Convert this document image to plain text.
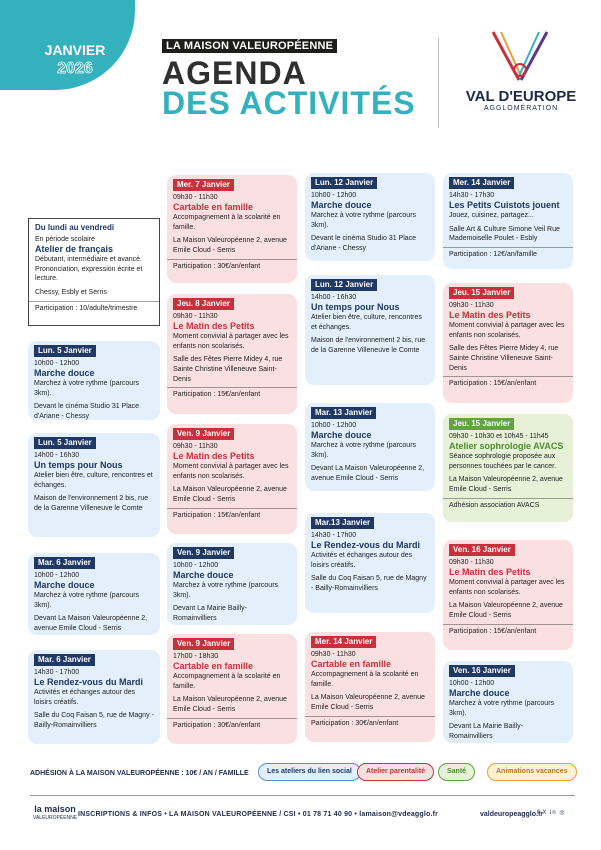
JANVIER
2026
LA MAISON VALEUROPÉENNE
AGENDA
DES ACTIVITÉS	VAL D'EUROPE
AGGLOMÉRATION
Mer. 7 Janvier
09h30 - 11h30
Cartable en famille
Accompagnement à la scolarité en famille.
La Maison Valeuropéenne 2, avenue Emile Cloud - Serris
Participation : 30€/an/enfant
Jeu. 8 Janvier
09h30 - 11h30
Le Matin des Petits
Moment convivial à partager avec les enfants non scolarisés.
Salle des Fêtes Pierre Midey 4, rue Sainte Christine Villeneuve Saint-Denis
Participation : 15€/an/enfant
Ven. 9 Janvier
09h30 - 11h30
Le Matin des Petits
Moment convivial à partager avec les enfants non scolarisés.
La Maison Valeuropéenne 2, avenue Emile Cloud - Serris
Participation : 15€/an/enfant
Ven. 9 Janvier
10h00 - 12h00
Marche douce
Marchez à votre rythme (parcours 3km).
Devant La Mairie Bailly- Romainvilliers
Ven. 9 Janvier
17h00 - 18h30
Cartable en famille
Accompagnement à la scolarité en famille.
La Maison Valeuropéenne 2, avenue Emile Cloud - Serris
Participation : 30€/an/enfant
Du lundi au vendredi
En période scolaire
Atelier de français
Débutant, intermédiaire et avancé. Prononciation, expression écrite et lecture.
Chessy, Esbly et Serris
Participation : 10/adulte/trimestre
Lun. 5 Janvier
10h00 - 12h00
Marche douce
Marchez à votre rythme (parcours 3km).
Devant le cinéma Studio 31 Place d'Ariane - Chessy
Lun. 5 Janvier
14h00 - 16h30
Un temps pour Nous
Atelier bien être, culture, rencontres et échanges.
Maison de l'environnement 2 bis, rue de la Garenne Villeneuve le Comte
Mar. 6 Janvier
10h00 - 12h00
Marche douce
Marchez à votre rythme (parcours 3km).
Devant La Maison Valeuropéenne 2, avenue Emile Cloud - Serris
Mar. 6 Janvier
14h30 - 17h00
Le Rendez-vous du Mardi
Activités et échanges autour des loisirs créatifs.
Salle du Coq Faisan 5, rue de Magny - Bailly-Romainvilliers
Lun. 12 Janvier
10h00 - 12h00
Marche douce
Marchez à votre rythme (parcours 3km).
Devant le cinéma Studio 31 Place d'Ariane - Chessy
Lun. 12 Janvier
14h00 - 16h30
Un temps pour Nous
Atelier bien être, culture, rencontres et échanges.
Maison de l'environnement 2 bis, rue de la Garenne Villeneuve le Comte
Mar. 13 Janvier
10h00 - 12h00
Marche douce
Marchez à votre rythme (parcours 3km).
Devant La Maison Valeuropéenne 2, avenue Emile Cloud - Serris
Mar.13 Janvier
14h30 - 17h00
Le Rendez-vous du Mardi
Activités et échanges autour des loisirs créatifs.
Salle du Coq Faisan 5, rue de Magny - Bailly-Romainvilliers
Mer. 14 Janvier
09h30 - 11h30
Cartable en famille
Accompagnement à la scolarité en famille.
La Maison Valeuropéenne 2, avenue Emile Cloud - Serris
Participation : 30€/an/enfant
Mer. 14 Janvier
14h30 - 17h30
Les Petits Cuistots jouent
Jouez, cuisinez, partagez...
Salle Art & Culture Simone Veil Rue Mademoiselle Poulet - Esbly
Participation : 12€/an/famille
Jeu. 15 Janvier
09h30 - 11h30
Le Matin des Petits
Moment convivial à partager avec les enfants non scolarisés.
Salle des Fêtes Pierre Midey 4, rue Sainte Christine Villeneuve Saint-Denis
Participation : 15€/an/enfant
Jeu. 15 Janvier
09h30 - 10h30 et 10h45 - 11h45
Atelier sophrologie AVACS
Séance sophrologie proposée aux personnes touchées par le cancer.
La Maison Valeuropéenne 2, avenue Emile Cloud - Serris
Adhésion association AVACS
Ven. 16 Janvier
09h30 - 11h30
Le Matin des Petits
Moment convivial à partager avec les enfants non scolarisés.
La Maison Valeuropéenne 2, avenue Emile Cloud - Serris
Participation : 15€/an/enfant
Ven. 16 Janvier
10h00 - 12h00
Marche douce
Marchez à votre rythme (parcours 3km).
Devant La Mairie Bailly- Romainvilliers
ADHÉSION À LA MAISON VALEUROPÉENNE : 10€ / AN / FAMILLE	Les ateliers du lien social	Atelier parentalité	Santé	Animations vacances
la maison
VALEUROPÉENNE INSCRIPTIONS & INFOS • LA MAISON VALEUROPÉENNE / CSI • 01 78 71 40 90 • lamaison@vdeagglo.fr	valdeuropeagglo.fr
f X in ◎
